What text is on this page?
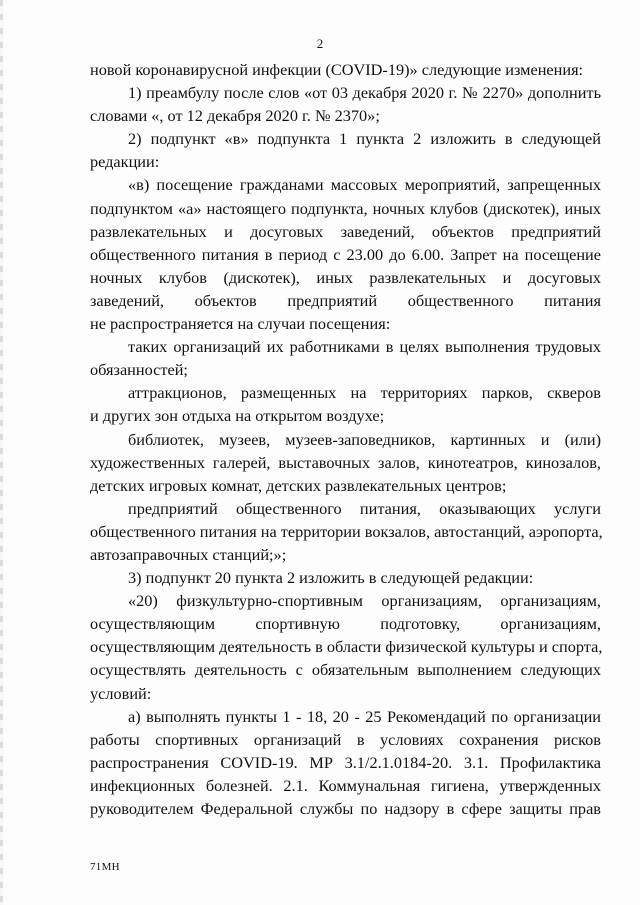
2
новой коронавирусной инфекции (COVID-19)» следующие изменения:
1) преамбулу после слов «от 03 декабря 2020 г. № 2270» дополнить
словами «, от 12 декабря 2020 г. № 2370»;
2) подпункт «в» подпункта 1 пункта 2 изложить в следующей
редакции:
«в) посещение гражданами массовых мероприятий, запрещенных
подпунктом «а» настоящего подпункта, ночных клубов (дискотек), иных
развлекательных и досуговых заведений, объектов предприятий
общественного питания в период с 23.00 до 6.00. Запрет на посещение
ночных клубов (дискотек), иных развлекательных и досуговых
заведений, объектов предприятий общественного питания
не распространяется на случаи посещения:
таких организаций их работниками в целях выполнения трудовых
обязанностей;
аттракционов, размещенных на территориях парков, скверов
и других зон отдыха на открытом воздухе;
библиотек, музеев, музеев-заповедников, картинных и (или)
художественных галерей, выставочных залов, кинотеатров, кинозалов,
детских игровых комнат, детских развлекательных центров;
предприятий общественного питания, оказывающих услуги
общественного питания на территории вокзалов, автостанций, аэропорта,
автозаправочных станций;»;
3) подпункт 20 пункта 2 изложить в следующей редакции:
«20) физкультурно-спортивным организациям, организациям,
осуществляющим спортивную подготовку, организациям,
осуществляющим деятельность в области физической культуры и спорта,
осуществлять деятельность с обязательным выполнением следующих
условий:
а) выполнять пункты 1 - 18, 20 - 25 Рекомендаций по организации
работы спортивных организаций в условиях сохранения рисков
распространения COVID-19. МР 3.1/2.1.0184-20. 3.1. Профилактика
инфекционных болезней. 2.1. Коммунальная гигиена, утвержденных
руководителем Федеральной службы по надзору в сфере защиты прав
71МН
